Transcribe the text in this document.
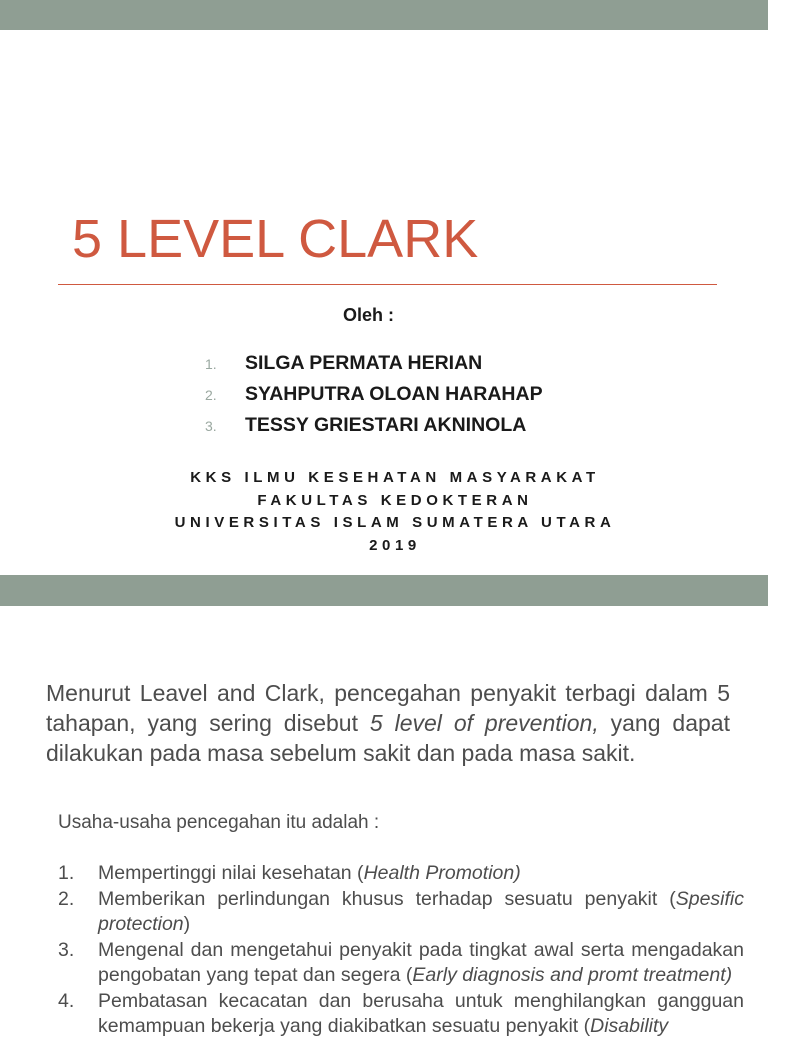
5 LEVEL CLARK
Oleh :
1.	SILGA PERMATA HERIAN
2.	SYAHPUTRA OLOAN HARAHAP
3.	TESSY GRIESTARI AKNINOLA
KKS ILMU KESEHATAN MASYARAKAT
FAKULTAS KEDOKTERAN
UNIVERSITAS ISLAM SUMATERA UTARA
2019

Menurut Leavel and Clark, pencegahan penyakit terbagi dalam 5 tahapan, yang sering disebut 5 level of prevention, yang dapat dilakukan pada masa sebelum sakit dan pada masa sakit.

Usaha-usaha pencegahan itu adalah :
1.	Mempertinggi nilai kesehatan (Health Promotion)
2.	Memberikan perlindungan khusus terhadap sesuatu penyakit (Spesific protection)
3.	Mengenal dan mengetahui penyakit pada tingkat awal serta mengadakan pengobatan yang tepat dan segera (Early diagnosis and promt treatment)
4.	Pembatasan kecacatan dan berusaha untuk menghilangkan gangguan kemampuan bekerja yang diakibatkan sesuatu penyakit (Disability
